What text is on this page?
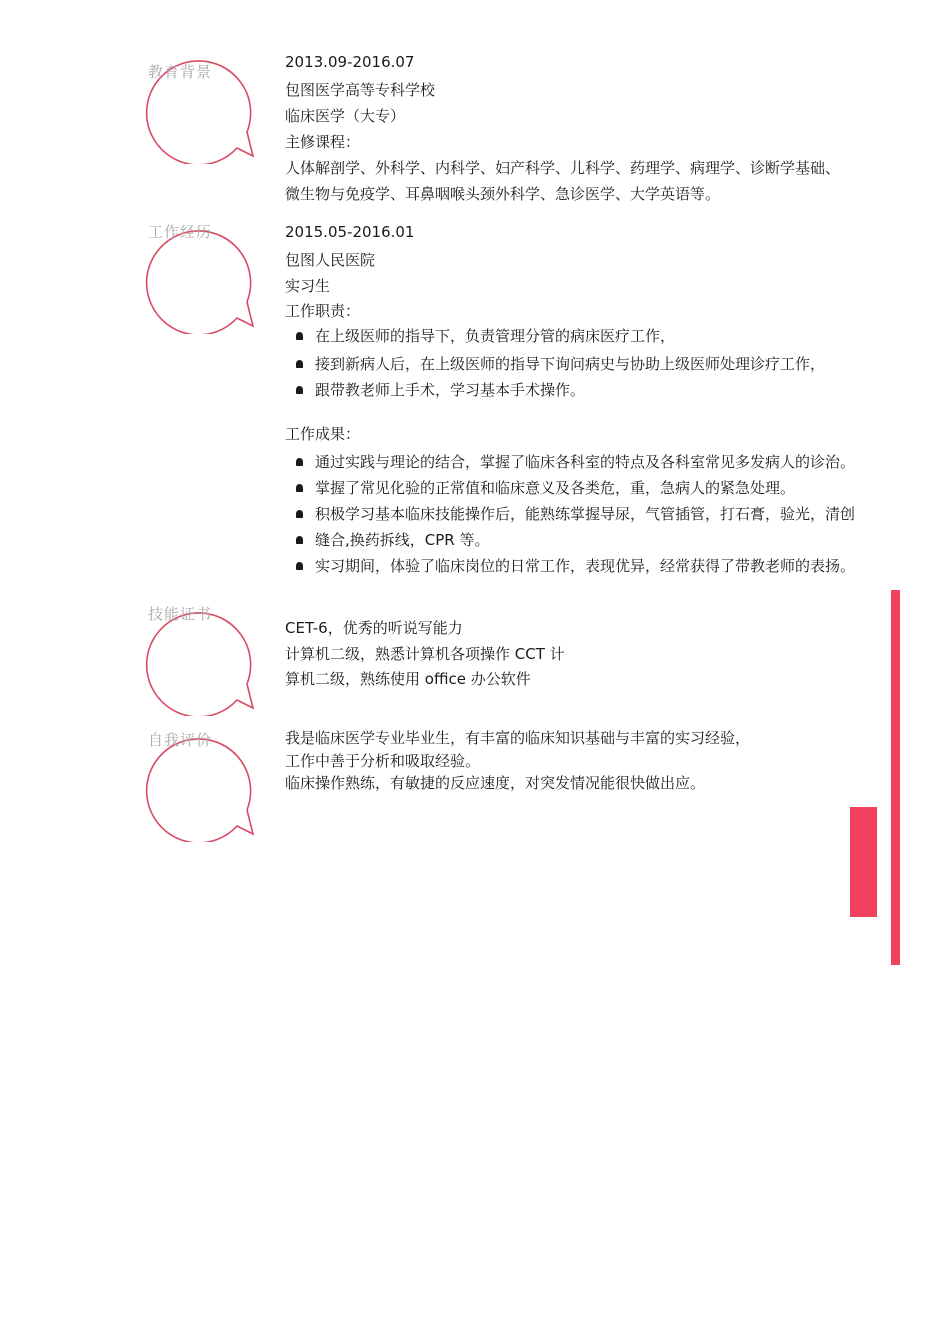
教育背景
2013.09-2016.07
包图医学高等专科学校
临床医学（大专）
主修课程：
人体解剖学、外科学、内科学、妇产科学、儿科学、药理学、病理学、诊断学基础、
微生物与免疫学、耳鼻咽喉头颈外科学、急诊医学、大学英语等。
工作经历	2015.05-2016.01
包图人民医院
实习生
工作职责：
在上级医师的指导下，负责管理分管的病床医疗工作，
接到新病人后，在上级医师的指导下询问病史与协助上级医师处理诊疗工作，
跟带教老师上手术，学习基本手术操作。
工作成果：
通过实践与理论的结合，掌握了临床各科室的特点及各科室常见多发病人的诊治。
掌握了常见化验的正常值和临床意义及各类危，重，急病人的紧急处理。
积极学习基本临床技能操作后，能熟练掌握导尿，气管插管，打石膏，验光，清创
缝合,换药拆线，CPR 等。
实习期间，体验了临床岗位的日常工作，表现优异，经常获得了带教老师的表扬。
技能证书
CET-6，优秀的听说写能力
计算机二级，熟悉计算机各项操作 CCT 计
算机二级，熟练使用 office 办公软件
自我评价	我是临床医学专业毕业生，有丰富的临床知识基础与丰富的实习经验，
工作中善于分析和吸取经验。
临床操作熟练，有敏捷的反应速度，对突发情况能很快做出应。
